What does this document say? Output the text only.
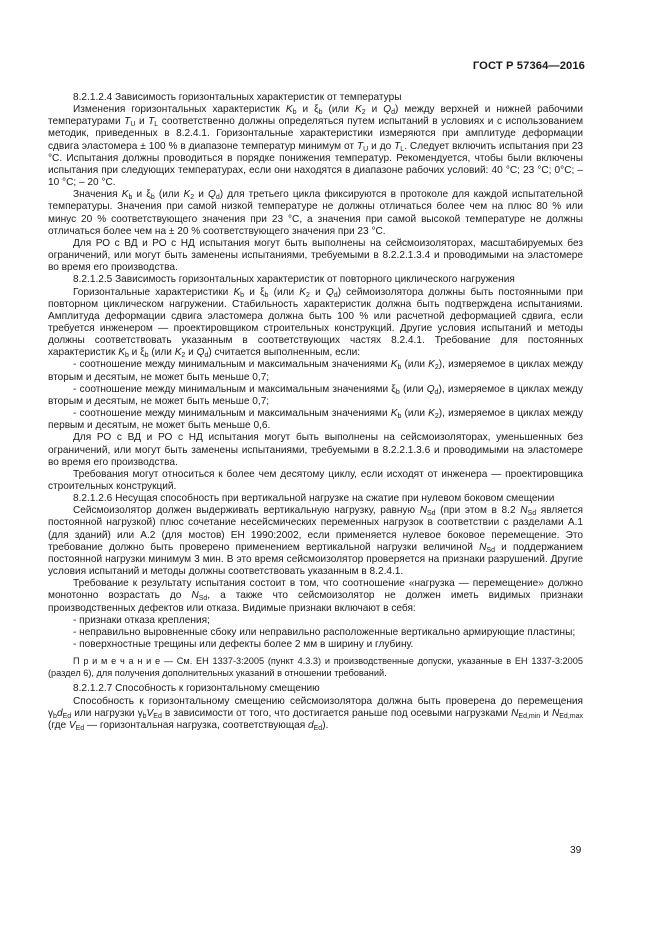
ГОСТ Р 57364—2016

8.2.1.2.4 Зависимость горизонтальных характеристик от температуры

Изменения горизонтальных характеристик $K_b$ и $\xi_b$ (или $K_2$ и $Q_d$) между верхней и нижней рабочими температурами $T_U$ и $T_L$ соответственно должны определяться путем испытаний в условиях и с использованием методик, приведенных в 8.2.4.1. Горизонтальные характеристики измеряются при амплитуде деформации сдвига эластомера ± 100 % в диапазоне температур минимум от $T_U$ и до $T_L$. Следует включить испытания при 23 °С. Испытания должны проводиться в порядке понижения температур. Рекомендуется, чтобы были включены испытания при следующих температурах, если они находятся в диапазоне рабочих условий: 40 °С; 23 °С; 0°С; – 10 °С; – 20 °С.

Значения $K_b$ и $\xi_b$ (или $K_2$ и $Q_d$) для третьего цикла фиксируются в протоколе для каждой испытательной температуры. Значения при самой низкой температуре не должны отличаться более чем на плюс 80 % или минус 20 % соответствующего значения при 23 °С, а значения при самой высокой температуре не должны отличаться более чем на ± 20 % соответствующего значения при 23 °С.

Для РО с ВД и РО с НД испытания могут быть выполнены на сейсмоизоляторах, масштабируемых без ограничений, или могут быть заменены испытаниями, требуемыми в 8.2.2.1.3.4 и проводимыми на эластомере во время его производства.

8.2.1.2.5 Зависимость горизонтальных характеристик от повторного циклического нагружения

Горизонтальные характеристики $K_b$ и $\xi_b$ (или $K_2$ и $Q_d$) сеймоизолятора должны быть постоянными при повторном циклическом нагружении. Стабильность характеристик должна быть подтверждена испытаниями. Амплитуда деформации сдвига эластомера должна быть 100 % или расчетной деформацией сдвига, если требуется инженером — проектировщиком строительных конструкций. Другие условия испытаний и методы должны соответствовать указанным в соответствующих частях 8.2.4.1. Требование для постоянных характеристик $K_b$ и $\xi_b$ (или $K_2$ и $Q_d$) считается выполненным, если:

- соотношение между минимальным и максимальным значениями $K_b$ (или $K_2$), измеряемое в циклах между вторым и десятым, не может быть меньше 0,7;

- соотношение между минимальным и максимальным значениями $\xi_b$ (или $Q_d$), измеряемое в циклах между вторым и десятым, не может быть меньше 0,7;

- соотношение между минимальным и максимальным значениями $K_b$ (или $K_2$), измеряемое в циклах между первым и десятым, не может быть меньше 0,6.

Для РО с ВД и РО с НД испытания могут быть выполнены на сейсмоизоляторах, уменьшенных без ограничений, или могут быть заменены испытаниями, требуемыми в 8.2.2.1.3.6 и проводимыми на эластомере во время его производства.

Требования могут относиться к более чем десятому циклу, если исходят от инженера — проектировщика строительных конструкций.

8.2.1.2.6 Несущая способность при вертикальной нагрузке на сжатие при нулевом боковом смещении

Сейсмоизолятор должен выдерживать вертикальную нагрузку, равную $N_{Sd}$ (при этом в 8.2 $N_{Sd}$ является постоянной нагрузкой) плюс сочетание несейсмических переменных нагрузок в соответствии с разделами А.1 (для зданий) или А.2 (для мостов) ЕН 1990:2002, если применяется нулевое боковое перемещение. Это требование должно быть проверено применением вертикальной нагрузки величиной $N_{Sd}$ и поддержанием постоянной нагрузки минимум 3 мин. В это время сейсмоизолятор проверяется на признаки разрушений. Другие условия испытаний и методы должны соответствовать указанным в 8.2.4.1.

Требование к результату испытания состоит в том, что соотношение «нагрузка — перемещение» должно монотонно возрастать до $N_{Sd}$, а также что сейсмоизолятор не должен иметь видимых признаки производственных дефектов или отказа. Видимые признаки включают в себя:

- признаки отказа крепления;

- неправильно выровненные сбоку или неправильно расположенные вертикально армирующие пластины;

- поверхностные трещины или дефекты более 2 мм в ширину и глубину.

П р и м е ч а н и е — См. ЕН 1337-3:2005 (пункт 4.3.3) и производственные допуски, указанные в ЕН 1337-3:2005 (раздел 6), для получения дополнительных указаний в отношении требований.

8.2.1.2.7 Способность к горизонтальному смещению

Способность к горизонтальному смещению сейсмоизолятора должна быть проверена до перемещения $\gamma_bd_{Ed}$ или нагрузки $\gamma_bV_{Ed}$ в зависимости от того, что достигается раньше под осевыми нагрузками $N_{Ed,min}$ и $N_{Ed,max}$ (где $V_{Ed}$ — горизонтальная нагрузка, соответствующая $d_{Ed}$).

39
